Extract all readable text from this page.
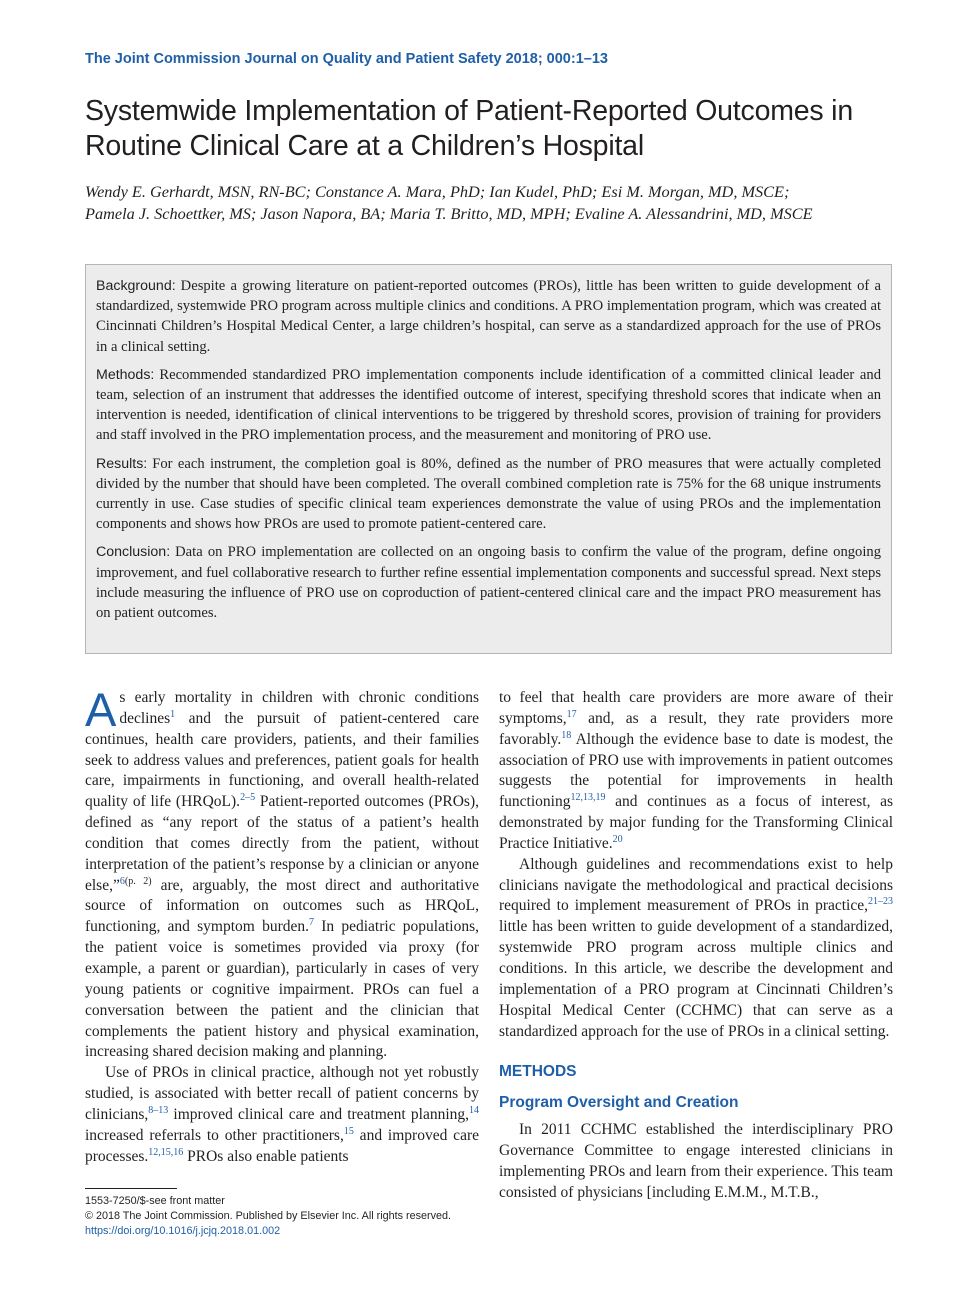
The Joint Commission Journal on Quality and Patient Safety 2018; 000:1–13
Systemwide Implementation of Patient-Reported Outcomes in Routine Clinical Care at a Children’s Hospital
Wendy E. Gerhardt, MSN, RN-BC; Constance A. Mara, PhD; Ian Kudel, PhD; Esi M. Morgan, MD, MSCE;
Pamela J. Schoettker, MS; Jason Napora, BA; Maria T. Britto, MD, MPH; Evaline A. Alessandrini, MD, MSCE

Background: Despite a growing literature on patient-reported outcomes (PROs), little has been written to guide development of a standardized, systemwide PRO program across multiple clinics and conditions. A PRO implementation program, which was created at Cincinnati Children’s Hospital Medical Center, a large children’s hospital, can serve as a standardized approach for the use of PROs in a clinical setting.

Methods: Recommended standardized PRO implementation components include identification of a committed clinical leader and team, selection of an instrument that addresses the identified outcome of interest, specifying threshold scores that indicate when an intervention is needed, identification of clinical interventions to be triggered by threshold scores, provision of training for providers and staff involved in the PRO implementation process, and the measurement and monitoring of PRO use.

Results: For each instrument, the completion goal is 80%, defined as the number of PRO measures that were actually completed divided by the number that should have been completed. The overall combined completion rate is 75% for the 68 unique instruments currently in use. Case studies of specific clinical team experiences demonstrate the value of using PROs and the implementation components and shows how PROs are used to promote patient-centered care.

Conclusion: Data on PRO implementation are collected on an ongoing basis to confirm the value of the program, define ongoing improvement, and fuel collaborative research to further refine essential implementation components and successful spread. Next steps include measuring the influence of PRO use on coproduction of patient-centered clinical care and the impact PRO measurement has on patient outcomes.

As early mortality in children with chronic conditions declines$^1$ and the pursuit of patient-centered care continues, health care providers, patients, and their families seek to address values and preferences, patient goals for health care, impairments in functioning, and overall health-related quality of life (HRQoL).$^{2-5}$ Patient-reported outcomes (PROs), defined as “any report of the status of a patient’s health condition that comes directly from the patient, without interpretation of the patient’s response by a clinician or anyone else,”$^{6(p. 2)}$ are, arguably, the most direct and authoritative source of information on outcomes such as HRQoL, functioning, and symptom burden.$^7$ In pediatric populations, the patient voice is sometimes provided via proxy (for example, a parent or guardian), particularly in cases of very young patients or cognitive impairment. PROs can fuel a conversation between the patient and the clinician that complements the patient history and physical examination, increasing shared decision making and planning.

Use of PROs in clinical practice, although not yet robustly studied, is associated with better recall of patient concerns by clinicians,$^{8-13}$ improved clinical care and treatment planning,$^{14}$ increased referrals to other practitioners,$^{15}$ and improved care processes.$^{12,15,16}$ PROs also enable patients

to feel that health care providers are more aware of their symptoms,$^{17}$ and, as a result, they rate providers more favorably.$^{18}$ Although the evidence base to date is modest, the association of PRO use with improvements in patient outcomes suggests the potential for improvements in health functioning$^{12,13,19}$ and continues as a focus of interest, as demonstrated by major funding for the Transforming Clinical Practice Initiative.$^{20}$

Although guidelines and recommendations exist to help clinicians navigate the methodological and practical decisions required to implement measurement of PROs in practice,$^{21-23}$ little has been written to guide development of a standardized, systemwide PRO program across multiple clinics and conditions. In this article, we describe the development and implementation of a PRO program at Cincinnati Children’s Hospital Medical Center (CCHMC) that can serve as a standardized approach for the use of PROs in a clinical setting.

METHODS
Program Oversight and Creation

In 2011 CCHMC established the interdisciplinary PRO Governance Committee to engage interested clinicians in implementing PROs and learn from their experience. This team consisted of physicians [including E.M.M., M.T.B.,

1553-7250/$-see front matter
© 2018 The Joint Commission. Published by Elsevier Inc. All rights reserved.
https://doi.org/10.1016/j.jcjq.2018.01.002
